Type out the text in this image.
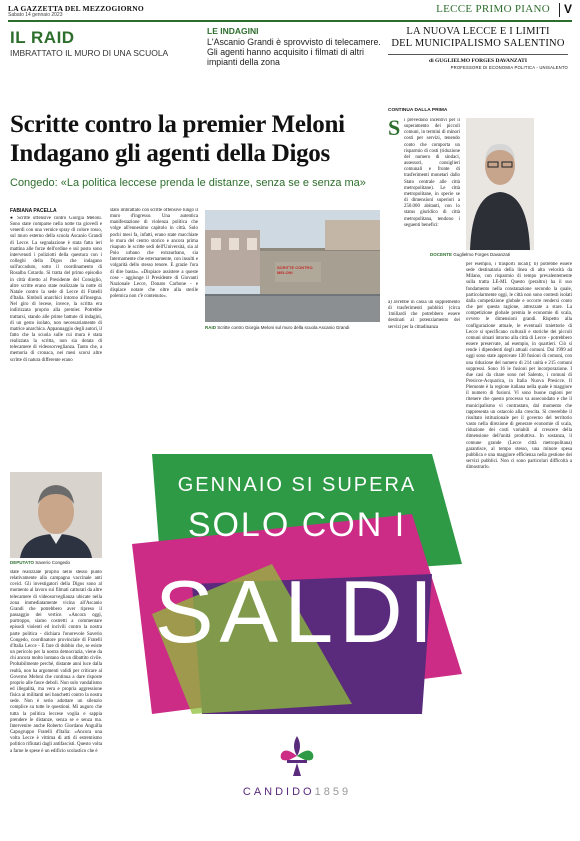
LA GAZZETTA DEL MEZZOGIORNO
Sabato 14 gennaio 2023	LECCE PRIMO PIANO V
IL RAID
IMBRATTATO IL MURO DI UNA SCUOLA
LE INDAGINI
L'Ascanio Grandi è sprovvisto di telecamere. Gli agenti hanno acquisito i filmati di altri impianti della zona
LA NUOVA LECCE E I LIMITI
DEL MUNICIPALISMO SALENTINO
di GUGLIELMO FORGES DAVANZATI
PROFESSORE DI ECONOMIA POLITICA - UNISALENTO
Scritte contro la premier Meloni
Indagano gli agenti della Digos
Congedo: «La politica leccese prenda le distanze, senza se e senza ma»
FABIANA PACELLA
● Scritte offensive contro Giorgia Meloni. Sono state comparse nella notte tra giovedì e venerdì con una vernice spray di colore rosso, sul muro esterno della scuola Ascanio Grandi di Lecce. La segnalazione è stata fatta ieri mattina alle forze dell'ordine e sul posto sono intervenuti i poliziotti della questura con i colleghi della Digos che indagano sull'accaduto, sotto il coordinamento di Rosalba Cotardo. Si tratta del primo episodio in città diretto al Presidente del Consiglio, altre scritte erano state realizzate la notte di Natale contro la sede di Lecce di Fratelli d'Italia. Simboli anarchici intorno all'insegna. Nel giro di lecese, invece, la scritta era indirizzata proprio alla premier. Potrebbe trattarsi, stando alle prime battute di indagini, di un gesto isolato, non necessariamente di matrice anarchica. Appannaggio degli autori, il fatto che la scuola sulle cui mura è stata realizzata la scritta, non sia dotata di telecamere di videosorveglianza. Tanto che, a memoria di cronaca, nei mesi scorsi altre scritte di natura differente erano
DEPUTATO Saverio Congedo
state realizzate proprio nello stesso punto relativamente alla campagna vaccinale anti covid. Gli investigatori della Digos sono al momento al lavoro sui filmati catturati da altre telecamere di videosorveglianza ubicate nella zona immediatamente vicina all'Ascanio Grandi che potrebbero aver ripreso il passaggio dei vertice. «Ancora oggi, purtroppo, siamo costretti a commentare episodi violenti ed incivili contro la nostra parte politica - dichiara l'onorevole Saverio Congedo, coordinatore provinciale di Fratelli d'Italia Lecce - E fare di dubbio che, se esiste un pericolo per la nostra democrazia, viene da chi ancora molto lontano da un dibattito civile. Probabilmente perché, distante anni luce dalla realtà, non ha argomenti validi per criticare al Governo Meloni che continua a dare risposte proprio alle fasce deboli. Non solo vandalismo ed illegalità, ma vera e propria aggressione fisica ai militanti nei banchetti contro la nostra sede. Non è serio adottare un silenzio complice su tutte le questioni. Mi auguro che tutta la politica leccese voglia e sappia prendere le distanze, senza se e senza ma. Intervenire anche Roberto Giordano Anguilla Capogruppo Fratelli d'Italia: «Ancora una volta Lecce è vittima di atti di estremismo politico rifiutati dagli antifascisti. Questo volta a farne le spese è un edificio scolastico che è
stato imbrattato con scritte offensive lungo il muro d'ingresso. Una autentica manifestazione di violenza politica che volge all'ennesimo capitolo in città. Solo pochi mesi fa, infatti, erano state macchiate le mura del centro storico e ancora prima risaputo le scritte sedi dell'Università, sia al Polo urbano che extraurbano, sia Internamente che esternamente, con insulti e volgarità dello stesso tenore. E grazie l'ora di dire basta». «Dispiace assistere a queste cose - aggiunge il Presidente di Giovanti Nazionale Lecce, Donato Carbone - e dispiace notare che oltre alla sterile polemica non c'è contenuto».
SCRITTE CONTRO MELONI
RAID Scritte contro Giorgia Meloni sul muro della scuola Ascanio Grandi
CONTINUA DALLA PRIMA
S i prevedono incentivi per il superamento dei piccoli comuni, in termini di minori costi per servizi, tenendo conto che comporta un risparmio di costi (riduzione del numero di sindaci, assessori, consiglieri comunali e fronte di trasferimenti monetari dallo Stato centrale alle città metropolitane). Le città metropolitane, in specie se di dimensioni superiori a 250.000 abitanti, con lo status giuridico di città metropolitana, tendono i seguenti benefici:
a) avrebbe in cassa un supplemento di trasferimenti pubblici (circa 1miliardi che potrebbero essere destinati al potenziamento dei servizi per la cittadinanza
DOCENTE Guglielmo Forges Davanzati
per esempio, i trasporti locali); b) potrebbe essere sede destinataria della linea di alta velocità da Milano, con risparmio di tempo prevalentemente sulla tratta LE-MI. Questo (peraltro) ha il suo fondamento nella constatazione secondo la quale, particolarmente oggi, le città non sono contesti isolati dalla competizione globale e occorre rendersi conto che per questa ragione, attrezzate a stare. La competizione globale premia le economie di scala, ovvero le dimensioni grandi. Rispetto alla configurazione attuale, le eventuali traiettorie di Lecce si specificano culturali e storiche dei piccoli comuni situati intorno alla città di Lecce - potrebbero essere preservate, ad esempio, in quartieri. Ciò si rende i dipendenti degli attuali comuni. Dal 1999 ad oggi sono state approvate 130 fusioni di comuni, con una riduzione del numero di 214 unità e 215 comuni soppressi. Sono 16 le fusioni per incorporazione. I due casi da citare sono nel Salento, i comuni di Presicce-Acquarica, in Italia Nuova Presicce. Il Piemonte è la regione italiana nella quale è maggiore il numero di fusioni. Vi sono buone ragioni per ritenere che questo processo va assecondato e che il municipalismo vi contrastato, dal momento che rappresenta un ostacolo alla crescita. Si creerebbe il risultato istituzionale per il governo del territorio vasto nella direzione di generare economie di scala, riduzione dei costi variabili al crescere della dimensione dell'unità produttiva. In sostanza, il comune grande (Lecce città metropolitana) garantisce, al tempo stesso, una minore spesa pubblica e una maggiore efficienza nella gestione dei servizi pubblici. Non ci sono particolari difficoltà a dimostrarlo.
GENNAIO SI SUPERA
SOLO CON I
SALDI
CANDIDO1859
